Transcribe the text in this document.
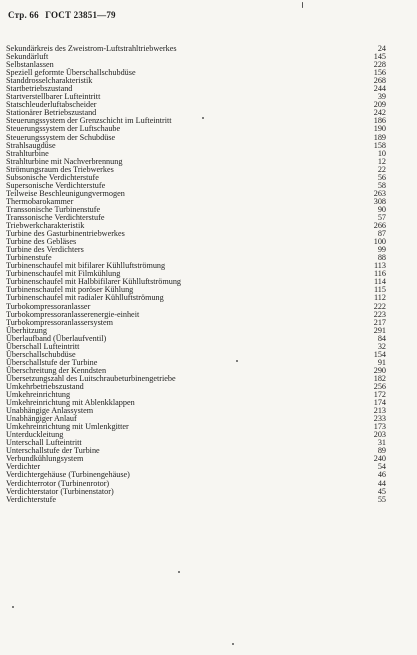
Стр. 66 ГОСТ 23851—79
Sekundärkreis des Zweistrom-Luftstrahltriebwerkes	24
Sekundärluft	145
Selbstanlassen	228
Speziell geformte Überschallschubdüse	156
Standdrosselcharakteristik	268
Startbetriebszustand	244
Startverstellbarer Lufteintritt	39
Statschleuderluftabscheider	209
Stationärer Betriebszustand	242
Steuerungssystem der Grenzschicht im Lufteintritt	186
Steuerungssystem der Luftschaube	190
Steuerungssystem der Schubdüse	189
Strahlsaugdüse	158
Strahlturbine	10
Strahlturbine mit Nachverbrennung	12
Strömungsraum des Triebwerkes	22
Subsonische Verdichterstufe	56
Supersonische Verdichterstufe	58
Teilweise Beschleunigungvermogen	263
Thermobarokammer	308
Transsonische Turbinenstufe	90
Transsonische Verdichterstufe	57
Triebwerkcharakteristik	266
Turbine des Gasturbinentriebwerkes	87
Turbine des Gebläses	100
Turbine des Verdichters	99
Turbinenstufe	88
Turbinenschaufel mit bifilarer Kühlluftströmung	113
Turbinenschaufel mit Filmkühlung	116
Turbinenschaufel mit Halbbifilarer Kühlluftströmung	114
Turbinenschaufel mit poröser Kühlung	115
Turbinenschaufel mit radialer Kühlluftströmung	112
Turbokompressoranlasser	222
Turbokompressoranlasserenergie-einheit	223
Turbokompressoranlassersystem	217
Überhitzung	291
Überlaufband (Überlaufventil)	84
Überschall Lufteintritt	32
Überschallschubdüse	154
Überschallstufe der Turbine	91
Überschreitung der Kenndsten	290
Übersetzungszahl des Luitschraubeturbinengetriebe	182
Umkehrbetriebszustand	256
Umkehreinrichtung	172
Umkehreinrichtung mit Ablenkklappen	174
Unabhängige Anlassystem	213
Unabhängiger Anlauf	233
Umkehreinrichtung mit Umlenkgitter	173
Unterduckleitung	203
Unterschall Lufteintritt	31
Unterschallstufe der Turbine	89
Verbundkühlungsystem	240
Verdichter	54
Verdichtergehäuse (Turbinengehäuse)	46
Verdichterrotor (Turbinenrotor)	44
Verdichterstator (Turbinenstator)	45
Verdichterstufe	55
